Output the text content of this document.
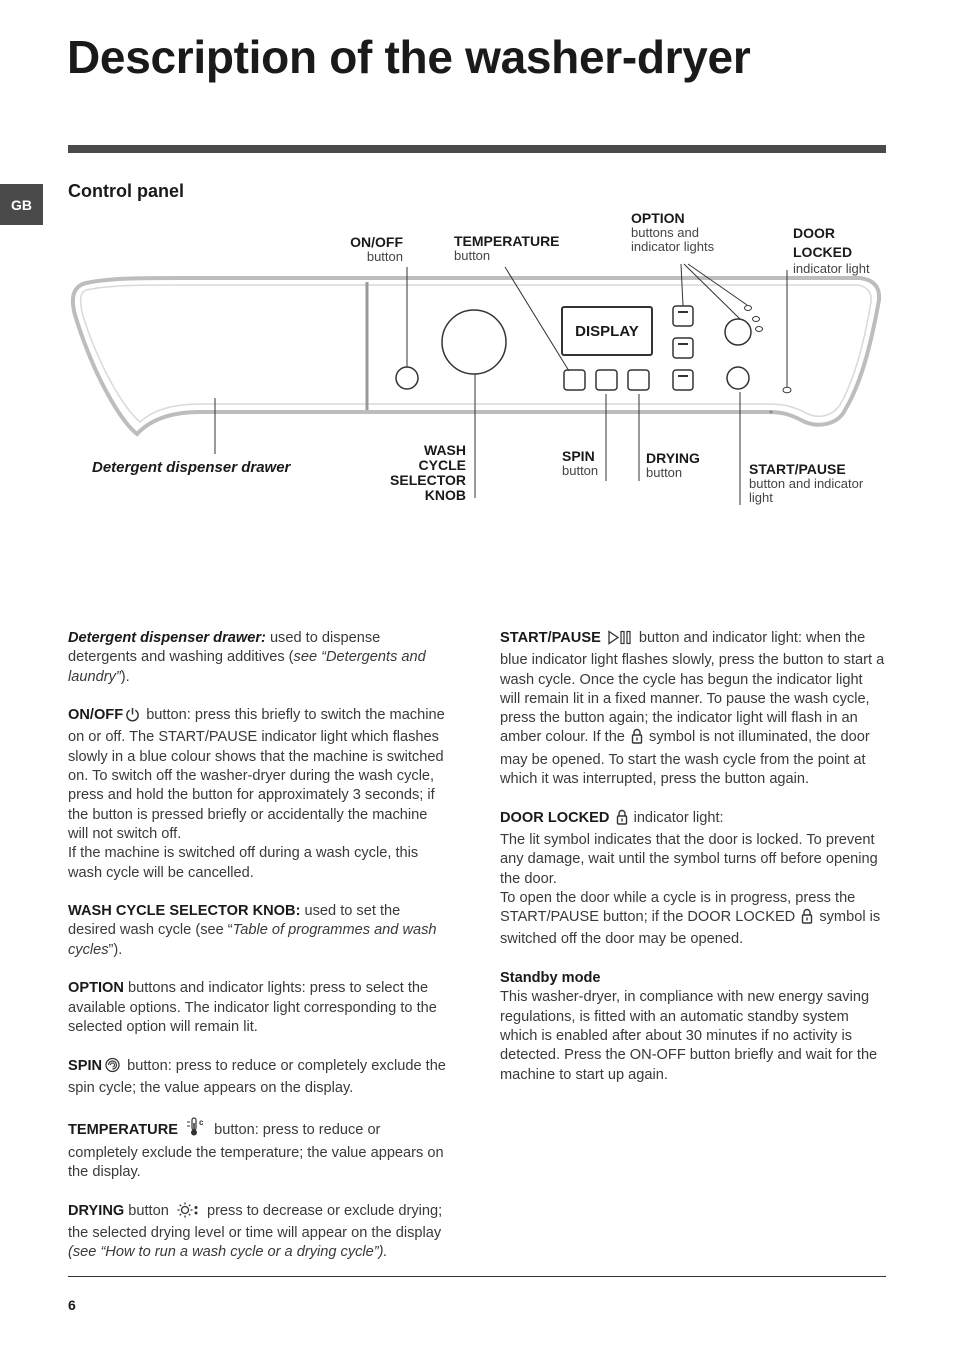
Description of the washer-dryer
GB
Control panel
DISPLAY
ON/OFF
button
TEMPERATURE
button
OPTION
buttons and
indicator lights
DOOR
LOCKED
indicator light
Detergent dispenser drawer
WASH
CYCLE
SELECTOR
KNOB
SPIN
button
DRYING
button	START/PAUSE
button and indicator
light

Detergent dispenser drawer: used to dispense detergents and washing additives (see “Detergents and laundry”).

ON/OFF button: press this briefly to switch the machine on or off. The START/PAUSE indicator light which flashes slowly in a blue colour shows that the machine is switched on. To switch off the washer-dryer during the wash cycle, press and hold the button for approximately 3 seconds; if the button is pressed briefly or accidentally the machine will not switch off.
If the machine is switched off during a wash cycle, this wash cycle will be cancelled.

WASH CYCLE SELECTOR KNOB: used to set the desired wash cycle (see “Table of programmes and wash cycles”).

OPTION buttons and indicator lights: press to select the available options. The indicator light corresponding to the selected option will remain lit.

SPIN button: press to reduce or completely exclude the spin cycle; the value appears on the display.

TEMPERATURE	c button: press to reduce or completely exclude the temperature; the value appears on the display.

DRYING button  press to decrease or exclude drying; the selected drying level or time will appear on the display (see “How to run a wash cycle or a drying cycle”).

START/PAUSE  button and indicator light: when the blue indicator light flashes slowly, press the button to start a wash cycle. Once the cycle has begun the indicator light will remain lit in a fixed manner. To pause the wash cycle, press the button again; the indicator light will flash in an amber colour. If the  symbol is not illuminated, the door may be opened. To start the wash cycle from the point at which it was interrupted, press the button again.

DOOR LOCKED  indicator light:
The lit symbol indicates that the door is locked. To prevent any damage, wait until the symbol turns off before opening the door.
To open the door while a cycle is in progress, press the START/PAUSE button; if the DOOR LOCKED  symbol is switched off the door may be opened.

Standby mode
This washer-dryer, in compliance with new energy saving regulations, is fitted with an automatic standby system which is enabled after about 30 minutes if no activity is detected. Press the ON-OFF button briefly and wait for the machine to start up again.

6
